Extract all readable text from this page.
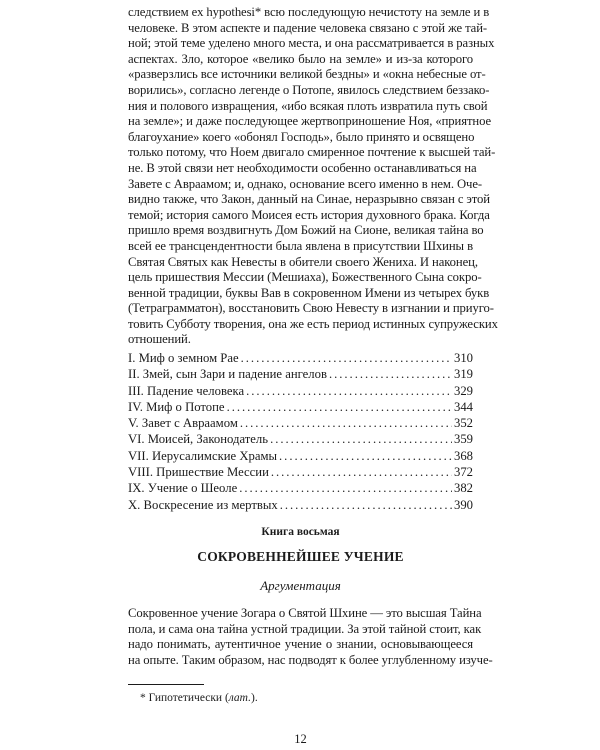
следствием ex hypothesi* всю последующую нечистоту на земле и в
человеке. В этом аспекте и падение человека связано с этой же тай-
ной; этой теме уделено много места, и она рассматривается в разных
аспектах. Зло, которое «велико было на земле» и из-за которого
«разверзлись все источники великой бездны» и «окна небесные от-
ворились», согласно легенде о Потопе, явилось следствием беззако-
ния и полового извращения, «ибо всякая плоть извратила путь свой
на земле»; и даже последующее жертвоприношение Ноя, «приятное
благоухание» коего «обонял Господь», было принято и освящено
только потому, что Ноем двигало смиренное почтение к высшей тай-
не. В этой связи нет необходимости особенно останавливаться на
Завете с Авраамом; и, однако, основание всего именно в нем. Оче-
видно также, что Закон, данный на Синае, неразрывно связан с этой
темой; история самого Моисея есть история духовного брака. Когда
пришло время воздвигнуть Дом Божий на Сионе, великая тайна во
всей ее трансцендентности была явлена в присутствии Шхины в
Святая Святых как Невесты в обители своего Жениха. И наконец,
цель пришествия Мессии (Мешиаха), Божественного Сына сокро-
венной традиции, буквы Вав в сокровенном Имени из четырех букв
(Тетраграмматон), восстановить Свою Невесту в изгнании и приуго-
товить Субботу творения, она же есть период истинных супружеских
отношений.
I. Миф о земном Рае . . .	310
II. Змей, сын Зари и падение ангелов . . .	319
III. Падение человека . . .	329
IV. Миф о Потопе . . .	344
V. Завет с Авраамом . . .	352
VI. Моисей, Законодатель . . .	359
VII. Иерусалимские Храмы . . .	368
VIII. Пришествие Мессии . . .	372
IX. Учение о Шеоле . . .	382
X. Воскресение из мертвых . . .	390
Книга восьмая
СОКРОВЕННЕЙШЕЕ УЧЕНИЕ
Аргументация
Сокровенное учение Зогара о Святой Шхине — это высшая Тайна
пола, и сама она тайна устной традиции. За этой тайной стоит, как
надо понимать, аутентичное учение о знании, основывающееся
на опыте. Таким образом, нас подводят к более углубленному изуче-
* Гипотетически (лат.).
12
